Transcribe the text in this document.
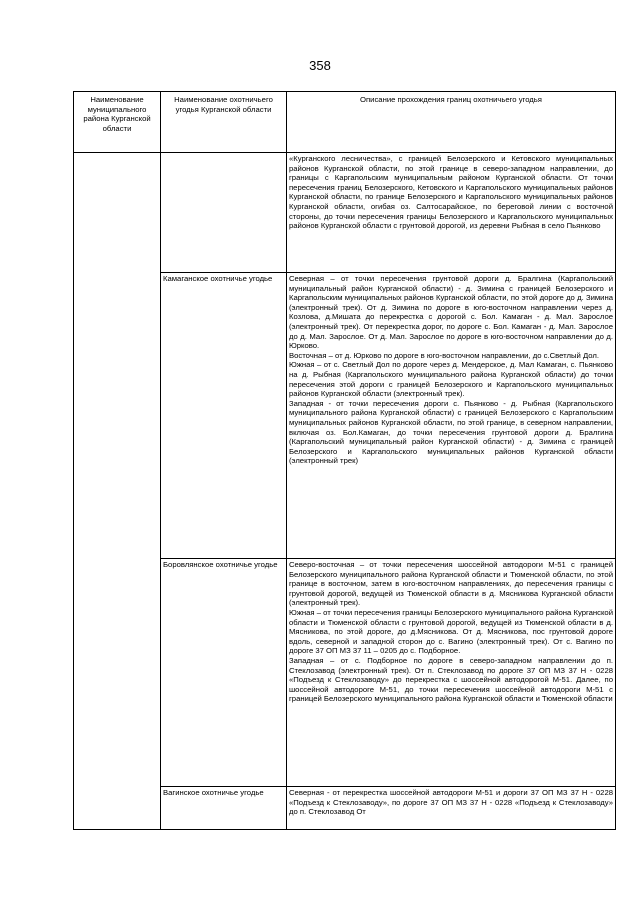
358
Наименование муниципального района Курганской области	Наименование охотничьего угодья Курганской области	Описание прохождения границ охотничьего угодья

		«Курганского лесничества», с границей Белозерского и Кетовского муниципальных районов Курганской области, по этой границе в северо-западном направлении, до границы с Каргапольским муниципальным районом Курганской области. От точки пересечения границ Белозерского, Кетовского и Каргапольского муниципальных районов Курганской области, по границе Белозерского и Каргапольского муниципальных районов Курганской области, огибая оз. Салтосарайское, по береговой линии с восточной стороны, до точки пересечения границы Белозерского и Каргапольского муниципальных районов Курганской области с грунтовой дорогой, из деревни Рыбная в село Пьянково

	Камаганское охотничье угодье	Северная – от точки пересечения грунтовой дороги д. Бралгина (Каргапольский муниципальный район Курганской области) - д. Зимина с границей Белозерского и Каргапольским муниципальных районов Курганской области, по этой дороге до д. Зимина (электронный трек). От д. Зимина по дороге в юго-восточном направлении через д. Козлова, д.Мишата до перекрестка с дорогой с. Бол. Камаган - д. Мал. Зарослое (электронный трек). От перекрестка дорог, по дороге с. Бол. Камаган - д. Мал. Зарослое до д. Мал. Зарослое. От д. Мал. Зарослое по дороге в юго-восточном направлении до д. Юрково.
Восточная – от д. Юрково по дороге в юго-восточном направлении, до с.Светлый Дол.
Южная – от с. Светлый Дол по дороге через д. Мендерское, д. Мал Камаган, с. Пьянково на д. Рыбная (Каргапольского муниципального района Курганской области) до точки пересечения этой дороги с границей Белозерского и Каргапольского муниципальных районов Курганской области (электронный трек).
Западная - от точки пересечения дороги с. Пьянково - д. Рыбная (Каргапольского муниципального района Курганской области) с границей Белозерского с Каргапольским муниципальных районов Курганской области, по этой границе, в северном направлении, включая оз. Бол.Камаган, до точки пересечения грунтовой дороги д. Бралгина (Каргапольский муниципальный район Курганской области) - д. Зимина с границей Белозерского и Каргапольского муниципальных районов Курганской области (электронный трек)

	Боровлянское охотничье угодье	Северо-восточная – от точки пересечения шоссейной автодороги М-51 с границей Белозерского муниципального района Курганской области и Тюменской области, по этой границе в восточном, затем в юго-восточном направлениях, до пересечения границы с грунтовой дорогой, ведущей из Тюменской области в д. Мясникова Курганской области (электронный трек).
Южная – от точки пересечения границы Белозерского муниципального района Курганской области и Тюменской области с грунтовой дорогой, ведущей из Тюменской области в д. Мясникова, по этой дороге, до д.Мясникова. От д. Мясникова, пос грунтовой дороге вдоль, северной и западной сторон до с. Вагино (электронный трек). От с. Вагино по дороге 37 ОП МЗ 37 11 – 0205 до с. Подборное.
Западная – от с. Подборное по дороге в северо-западном направлении до п. Стеклозавод (электронный трек). От п. Стеклозавод по дороге 37 ОП МЗ 37 Н - 0228 «Подъезд к Стеклозаводу» до перекрестка с шоссейной автодорогой М-51. Далее, по шоссейной автодороге М-51, до точки пересечения шоссейной автодороги М-51 с границей Белозерского муниципального района Курганской области и Тюменской области

	Вагинское охотничье угодье	Северная - от перекрестка шоссейной автодороги М-51 и дороги 37 ОП МЗ 37 Н - 0228 «Подъезд к Стеклозаводу», по дороге 37 ОП МЗ 37 Н - 0228 «Подъезд к Стеклозаводу» до п. Стеклозавод От
